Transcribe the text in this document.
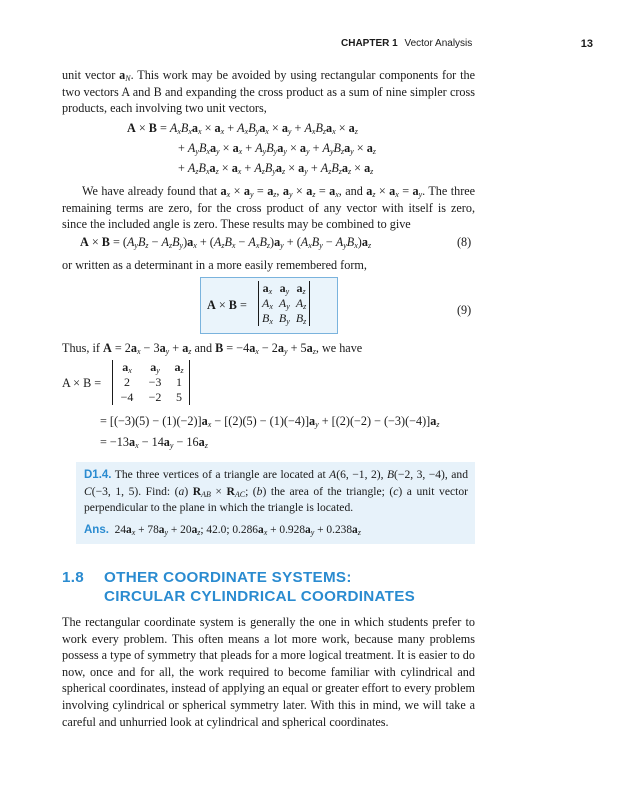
CHAPTER 1 Vector Analysis	13
unit vector $a_N$. This work may be avoided by using rectangular components for the two vectors A and B and expanding the cross product as a sum of nine simpler cross products, each involving two unit vectors,
$A \times B = A_xB_xa_x \times a_x + A_xB_ya_x \times a_y + A_xB_za_x \times a_z$
+ $A_yB_xa_y \times a_x + A_yB_ya_y \times a_y + A_yB_za_y \times a_z$
+ $A_zB_xa_z \times a_x + A_zB_ya_z \times a_y + A_zB_za_z \times a_z$
We have already found that $a_x \times a_y = a_z$, $a_y \times a_z = a_x$, and $a_z \times a_x = a_y$. The three remaining terms are zero, for the cross product of any vector with itself is zero, since the included angle is zero. These results may be combined to give
$A \times B = (A_yB_z - A_zB_y)a_x + (A_zB_x - A_xB_z)a_y + (A_xB_y - A_yB_x)a_z$	(8)
or written as a determinant in a more easily remembered form,
A × B =
$a_x$	$a_y$	$a_z$
$A_x$	$A_y$	$A_z$
$B_x$	$B_y$	$B_z$
(9)
Thus, if $A = 2a_x - 3a_y + a_z$ and $B = -4a_x - 2a_y + 5a_z$, we have
A × B =
$a_x$	$a_y$	$a_z$
2	−3	1
−4	−2	5
= $[(-3)(5) - (1)(-2)]a_x - [(2)(5) - (1)(-4)]a_y + [(2)(-2) - (-3)(-4)]a_z$
= $-13a_x - 14a_y - 16a_z$
D1.4. The three vertices of a triangle are located at A(6, −1, 2), B(−2, 3, −4), and C(−3, 1, 5). Find: (a) $R_{AB} \times R_{AC}$; (b) the area of the triangle; (c) a unit vector perpendicular to the plane in which the triangle is located.
Ans.  $24a_x + 78a_y + 20a_z$; 42.0; $0.286a_x + 0.928a_y + 0.238a_z$
1.8 OTHER COORDINATE SYSTEMS:
CIRCULAR CYLINDRICAL COORDINATES
The rectangular coordinate system is generally the one in which students prefer to work every problem. This often means a lot more work, because many problems possess a type of symmetry that pleads for a more logical treatment. It is easier to do now, once and for all, the work required to become familiar with cylindrical and spherical coordinates, instead of applying an equal or greater effort to every problem involving cylindrical or spherical symmetry later. With this in mind, we will take a careful and unhurried look at cylindrical and spherical coordinates.
